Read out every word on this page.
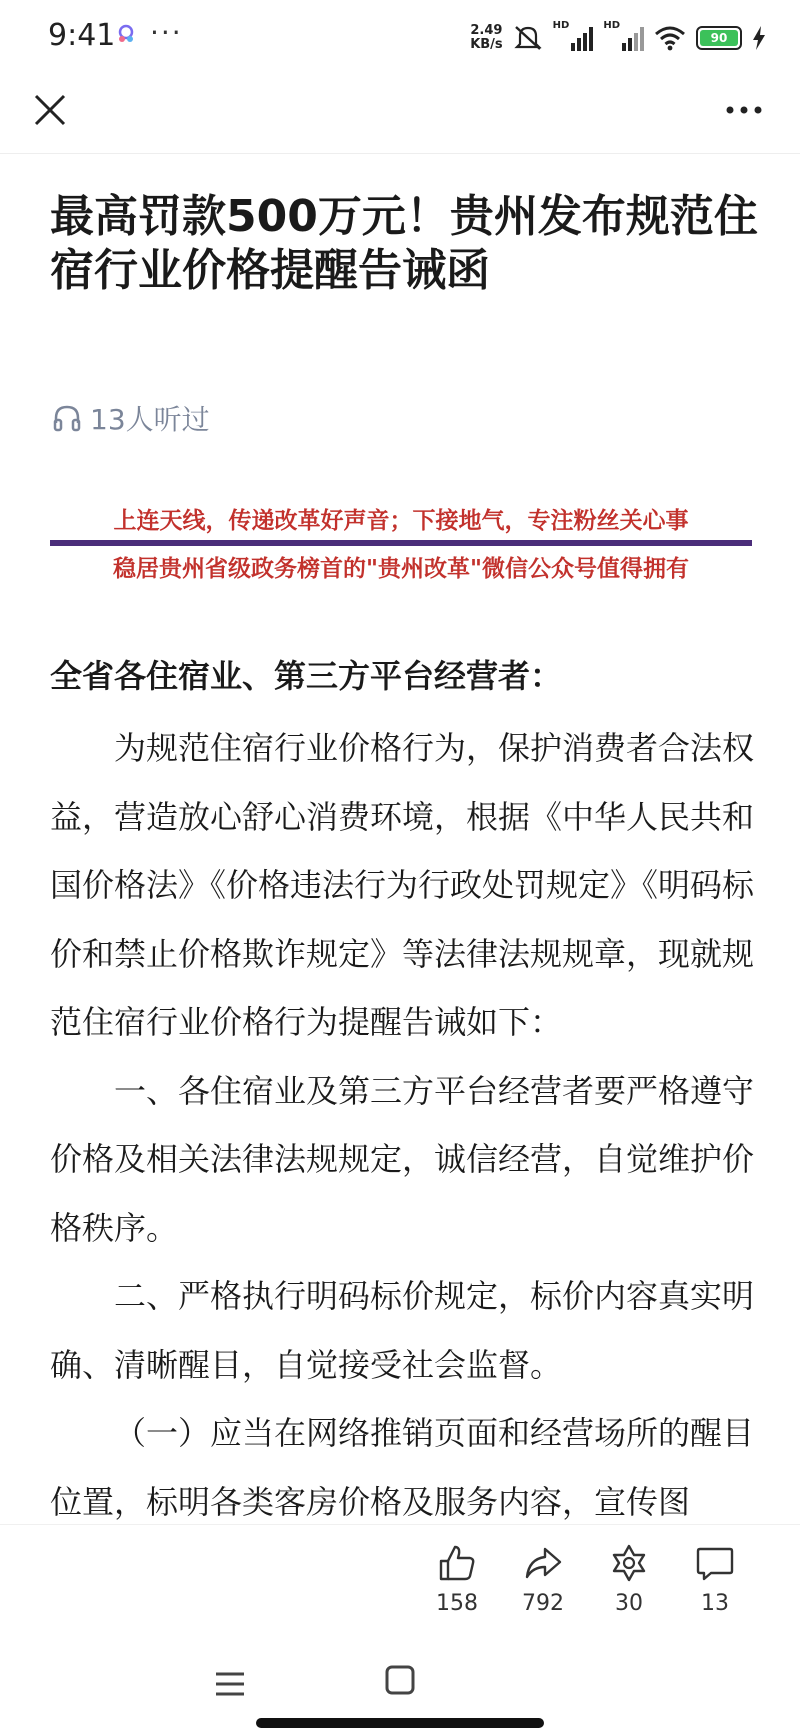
9:41 ···	2.49
KB/s
HD	HD
90
最高罚款500万元！贵州发布规范住宿行业价格提醒告诫函
13人听过
上连天线，传递改革好声音；下接地气，专注粉丝关心事
稳居贵州省级政务榜首的"贵州改革"微信公众号值得拥有

全省各住宿业、第三方平台经营者：

为规范住宿行业价格行为，保护消费者合法权益，营造放心舒心消费环境，根据《中华人民共和国价格法》《价格违法行为行政处罚规定》《明码标价和禁止价格欺诈规定》等法律法规规章，现就规范住宿行业价格行为提醒告诫如下：

一、各住宿业及第三方平台经营者要严格遵守价格及相关法律法规规定，诚信经营，自觉维护价格秩序。

二、严格执行明码标价规定，标价内容真实明确、清晰醒目，自觉接受社会监督。

（一）应当在网络推销页面和经营场所的醒目位置，标明各类客房价格及服务内容，宣传图

158	792	30	13
